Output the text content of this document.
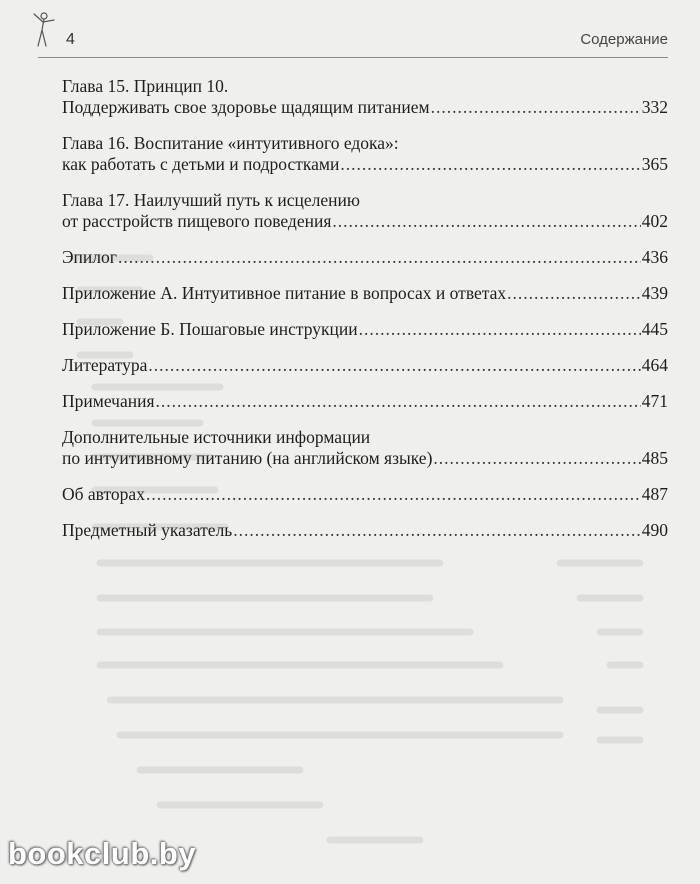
4	Содержание
Глава 15. Принцип 10.
Поддерживать свое здоровье щадящим питанием .....	332
Глава 16. Воспитание «интуитивного едока»:
как работать с детьми и подростками .....	365
Глава 17. Наилучший путь к исцелению
от расстройств пищевого поведения .....	402
Эпилог .....	436
Приложение А. Интуитивное питание в вопросах и ответах .....	439
Приложение Б. Пошаговые инструкции .....	445
Литература .....	464
Примечания .....	471
Дополнительные источники информации
по интуитивному питанию (на английском языке) .....	485
Об авторах .....	487
Предметный указатель .....	490
bookclub.by
